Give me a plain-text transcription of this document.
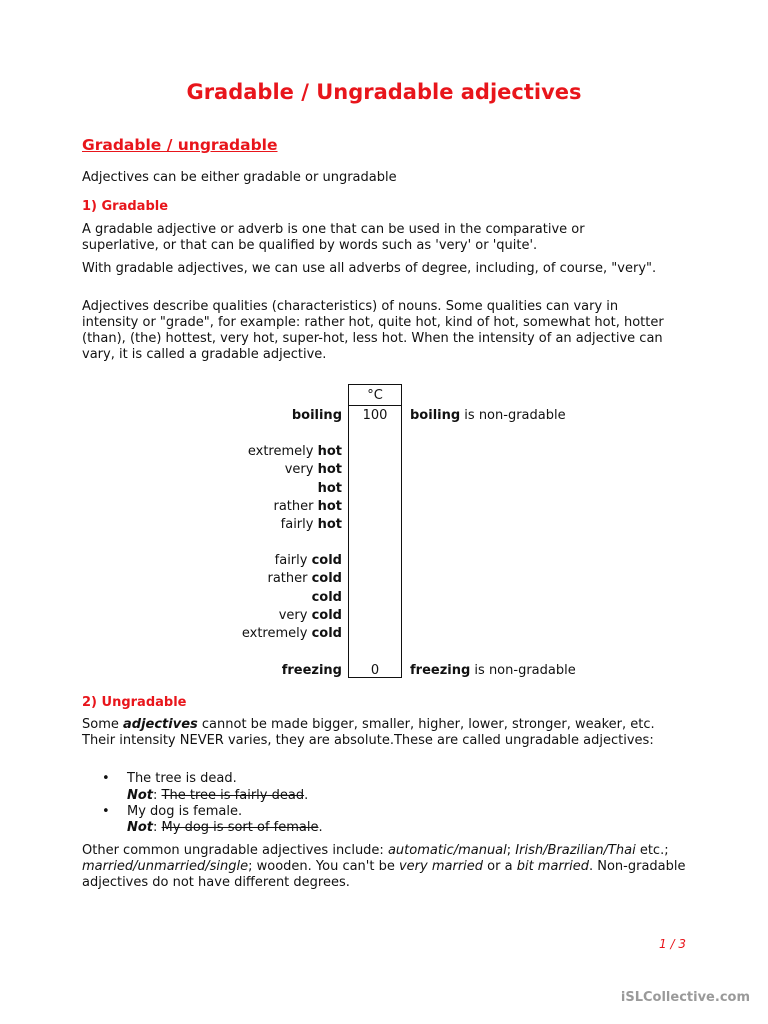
Gradable / Ungradable adjectives
Gradable / ungradable
Adjectives can be either gradable or ungradable
1) Gradable

A gradable adjective or adverb is one that can be used in the comparative or superlative, or that can be qualified by words such as 'very' or 'quite'.

With gradable adjectives, we can use all adverbs of degree, including, of course, "very".

Adjectives describe qualities (characteristics) of nouns. Some qualities can vary in intensity or "grade", for example: rather hot, quite hot, kind of hot, somewhat hot, hotter (than), (the) hottest, very hot, super-hot, less hot. When the intensity of an adjective can vary, it is called a gradable adjective.

°C
100
0
boiling	boiling is non-gradable
extremely hot
very hot
hot
rather hot
fairly hot
fairly cold
rather cold
cold
very cold
extremely cold
freezing	freezing is non-gradable
2) Ungradable

Some adjectives cannot be made bigger, smaller, higher, lower, stronger, weaker, etc. Their intensity NEVER varies, they are absolute.These are called ungradable adjectives:

• The tree is dead.
Not: The tree is fairly dead.
• My dog is female.
Not: My dog is sort of female.

Other common ungradable adjectives include: automatic/manual; Irish/Brazilian/Thai etc.; married/unmarried/single; wooden. You can't be very married or a bit married. Non-gradable adjectives do not have different degrees.

1 / 3
iSLCollective.com
